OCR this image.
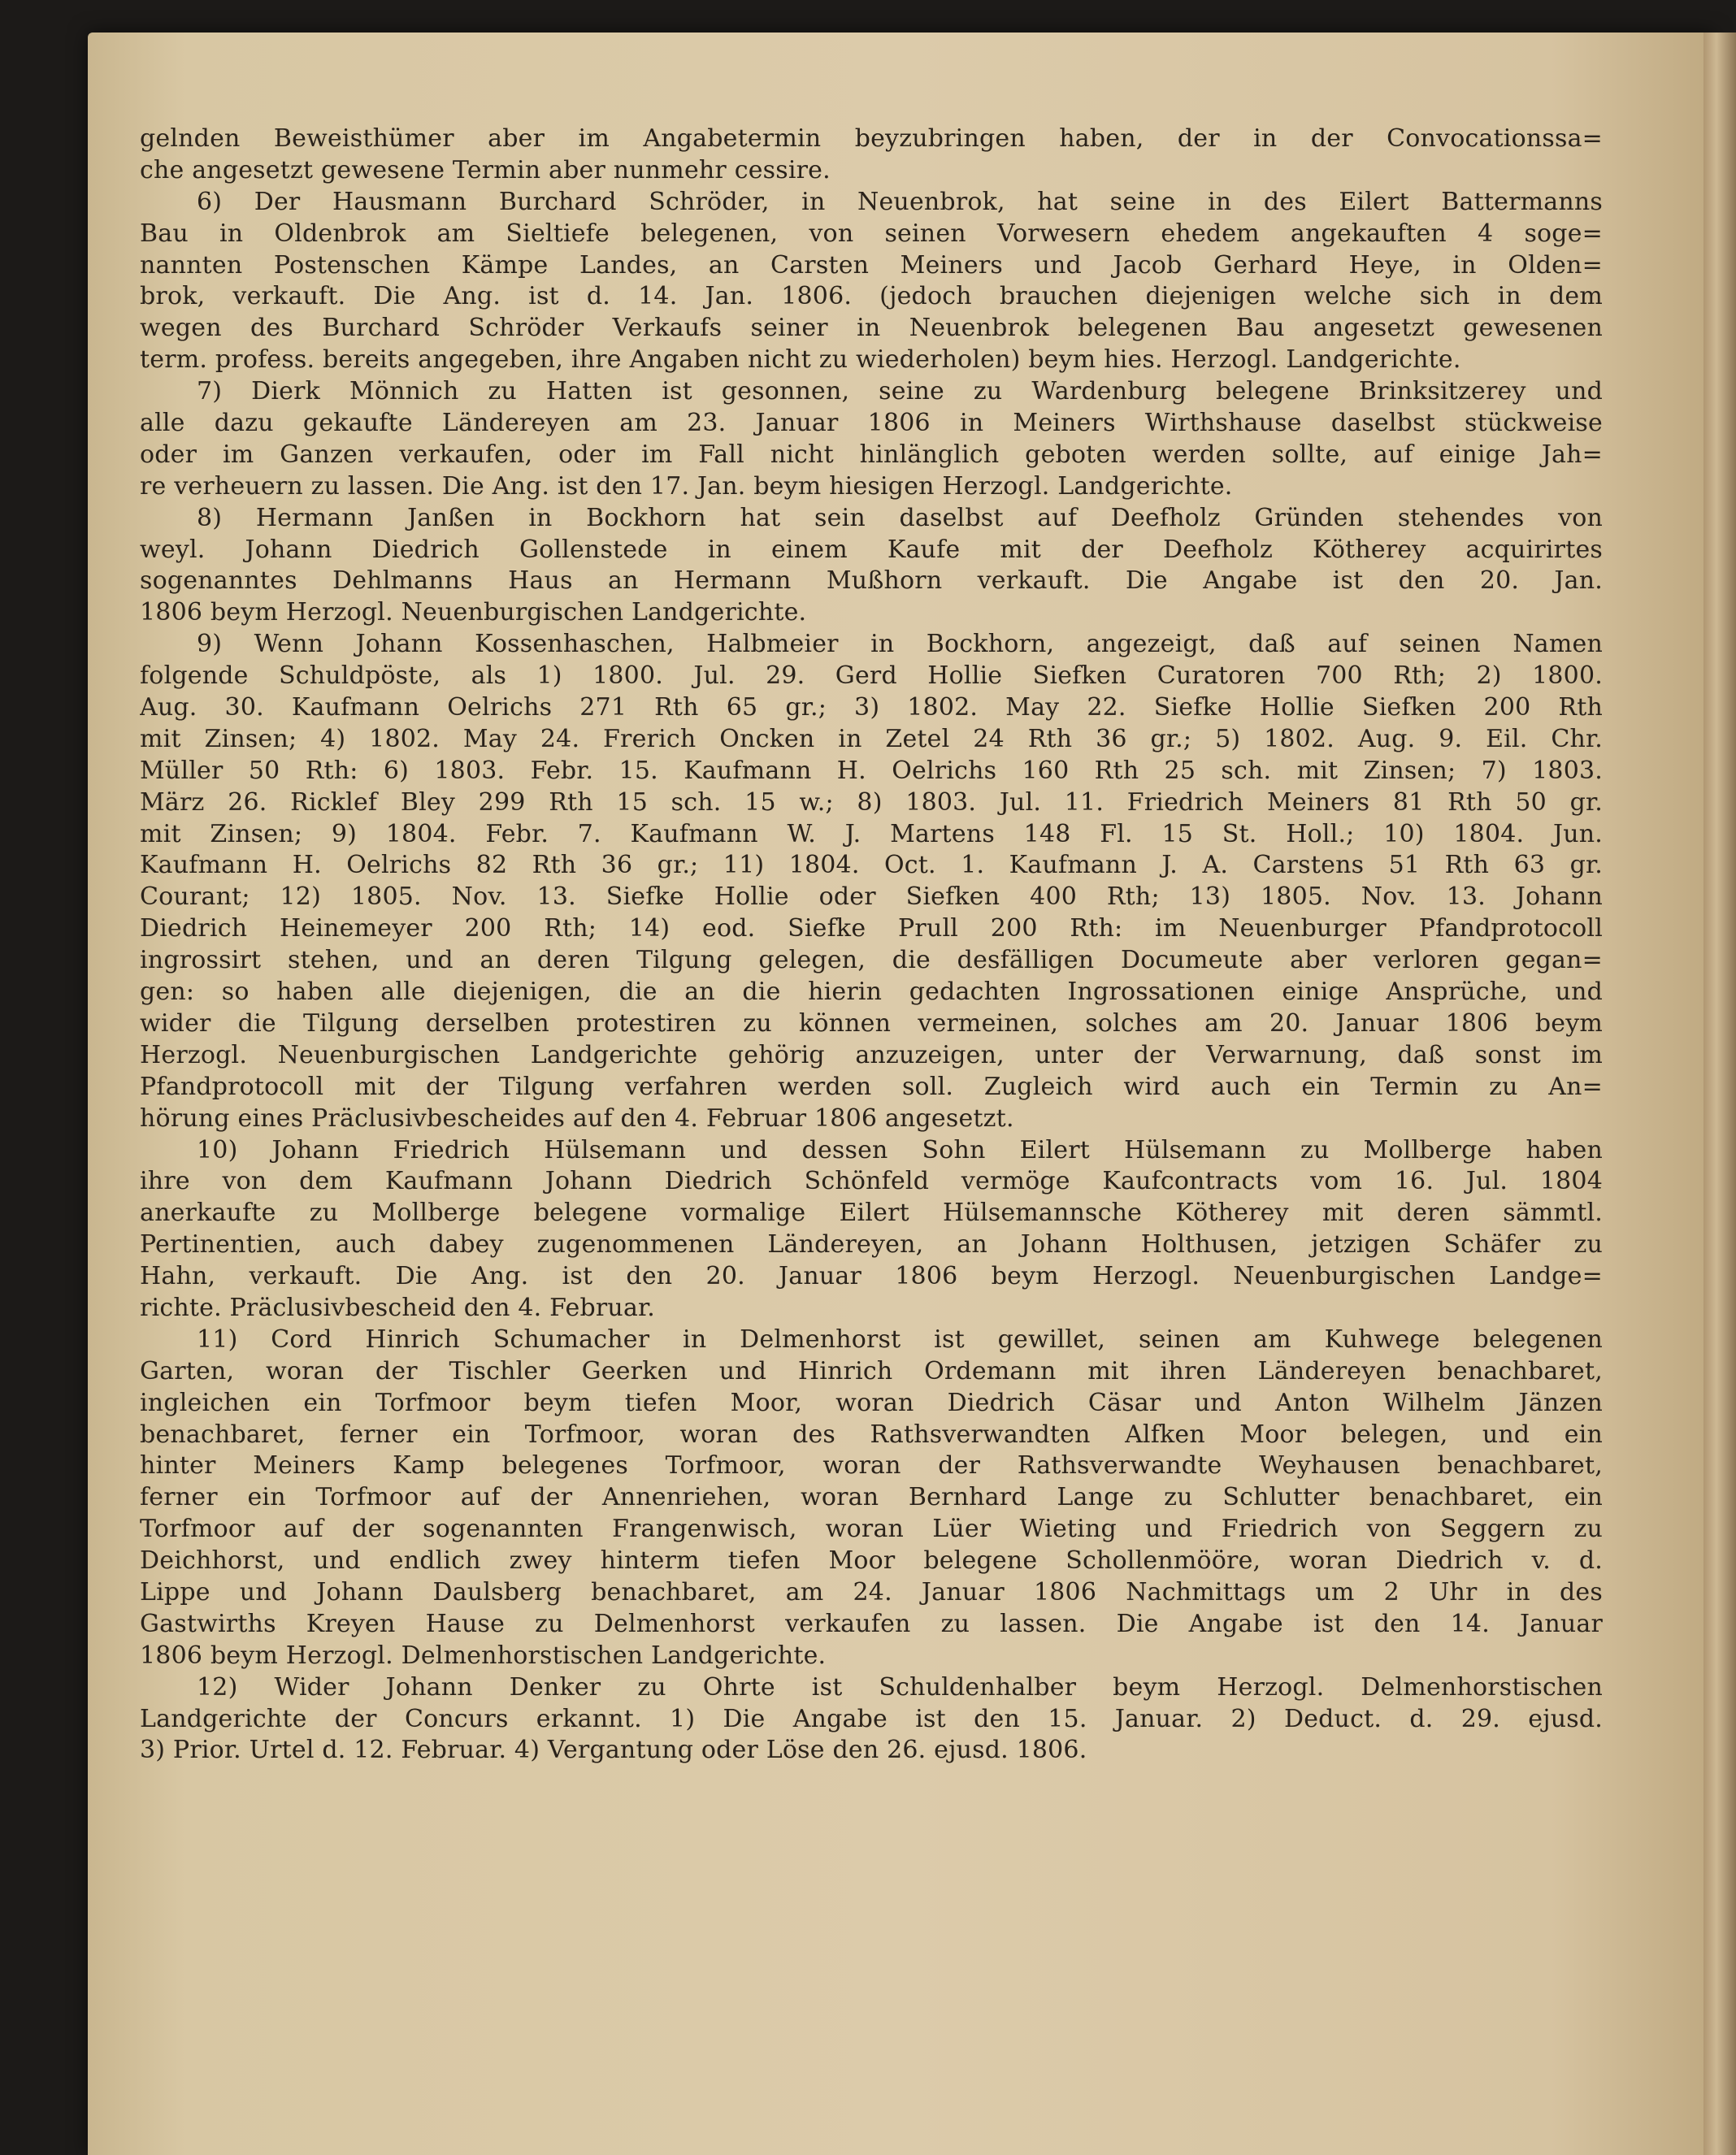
gelnden Beweisthümer aber im Angabetermin beyzubringen haben, der in der Convocationssa=
che angesetzt gewesene Termin aber nunmehr cessire.
6) Der Hausmann Burchard Schröder, in Neuenbrok, hat seine in des Eilert Battermanns
Bau in Oldenbrok am Sieltiefe belegenen, von seinen Vorwesern ehedem angekauften 4 soge=
nannten Postenschen Kämpe Landes, an Carsten Meiners und Jacob Gerhard Heye, in Olden=
brok, verkauft. Die Ang. ist d. 14. Jan. 1806. (jedoch brauchen diejenigen welche sich in dem
wegen des Burchard Schröder Verkaufs seiner in Neuenbrok belegenen Bau angesetzt gewesenen
term. profess. bereits angegeben, ihre Angaben nicht zu wiederholen) beym hies. Herzogl. Landgerichte.
7) Dierk Mönnich zu Hatten ist gesonnen, seine zu Wardenburg belegene Brinksitzerey und
alle dazu gekaufte Ländereyen am 23. Januar 1806 in Meiners Wirthshause daselbst stückweise
oder im Ganzen verkaufen, oder im Fall nicht hinlänglich geboten werden sollte, auf einige Jah=
re verheuern zu lassen. Die Ang. ist den 17. Jan. beym hiesigen Herzogl. Landgerichte.
8) Hermann Janßen in Bockhorn hat sein daselbst auf Deefholz Gründen stehendes von
weyl. Johann Diedrich Gollenstede in einem Kaufe mit der Deefholz Kötherey acquirirtes
sogenanntes Dehlmanns Haus an Hermann Mußhorn verkauft. Die Angabe ist den 20. Jan.
1806 beym Herzogl. Neuenburgischen Landgerichte.
9) Wenn Johann Kossenhaschen, Halbmeier in Bockhorn, angezeigt, daß auf seinen Namen
folgende Schuldpöste, als 1) 1800. Jul. 29. Gerd Hollie Siefken Curatoren 700 Rth; 2) 1800.
Aug. 30. Kaufmann Oelrichs 271 Rth 65 gr.; 3) 1802. May 22. Siefke Hollie Siefken 200 Rth
mit Zinsen; 4) 1802. May 24. Frerich Oncken in Zetel 24 Rth 36 gr.; 5) 1802. Aug. 9. Eil. Chr.
Müller 50 Rth: 6) 1803. Febr. 15. Kaufmann H. Oelrichs 160 Rth 25 sch. mit Zinsen; 7) 1803.
März 26. Ricklef Bley 299 Rth 15 sch. 15 w.; 8) 1803. Jul. 11. Friedrich Meiners 81 Rth 50 gr.
mit Zinsen; 9) 1804. Febr. 7. Kaufmann W. J. Martens 148 Fl. 15 St. Holl.; 10) 1804. Jun.
Kaufmann H. Oelrichs 82 Rth 36 gr.; 11) 1804. Oct. 1. Kaufmann J. A. Carstens 51 Rth 63 gr.
Courant; 12) 1805. Nov. 13. Siefke Hollie oder Siefken 400 Rth; 13) 1805. Nov. 13. Johann
Diedrich Heinemeyer 200 Rth; 14) eod. Siefke Prull 200 Rth: im Neuenburger Pfandprotocoll
ingrossirt stehen, und an deren Tilgung gelegen, die desfälligen Documeute aber verloren gegan=
gen: so haben alle diejenigen, die an die hierin gedachten Ingrossationen einige Ansprüche, und
wider die Tilgung derselben protestiren zu können vermeinen, solches am 20. Januar 1806 beym
Herzogl. Neuenburgischen Landgerichte gehörig anzuzeigen, unter der Verwarnung, daß sonst im
Pfandprotocoll mit der Tilgung verfahren werden soll. Zugleich wird auch ein Termin zu An=
hörung eines Präclusivbescheides auf den 4. Februar 1806 angesetzt.
10) Johann Friedrich Hülsemann und dessen Sohn Eilert Hülsemann zu Mollberge haben
ihre von dem Kaufmann Johann Diedrich Schönfeld vermöge Kaufcontracts vom 16. Jul. 1804
anerkaufte zu Mollberge belegene vormalige Eilert Hülsemannsche Kötherey mit deren sämmtl.
Pertinentien, auch dabey zugenommenen Ländereyen, an Johann Holthusen, jetzigen Schäfer zu
Hahn, verkauft. Die Ang. ist den 20. Januar 1806 beym Herzogl. Neuenburgischen Landge=
richte. Präclusivbescheid den 4. Februar.
11) Cord Hinrich Schumacher in Delmenhorst ist gewillet, seinen am Kuhwege belegenen
Garten, woran der Tischler Geerken und Hinrich Ordemann mit ihren Ländereyen benachbaret,
ingleichen ein Torfmoor beym tiefen Moor, woran Diedrich Cäsar und Anton Wilhelm Jänzen
benachbaret, ferner ein Torfmoor, woran des Rathsverwandten Alfken Moor belegen, und ein
hinter Meiners Kamp belegenes Torfmoor, woran der Rathsverwandte Weyhausen benachbaret,
ferner ein Torfmoor auf der Annenriehen, woran Bernhard Lange zu Schlutter benachbaret, ein
Torfmoor auf der sogenannten Frangenwisch, woran Lüer Wieting und Friedrich von Seggern zu
Deichhorst, und endlich zwey hinterm tiefen Moor belegene Schollenmööre, woran Diedrich v. d.
Lippe und Johann Daulsberg benachbaret, am 24. Januar 1806 Nachmittags um 2 Uhr in des
Gastwirths Kreyen Hause zu Delmenhorst verkaufen zu lassen. Die Angabe ist den 14. Januar
1806 beym Herzogl. Delmenhorstischen Landgerichte.
12) Wider Johann Denker zu Ohrte ist Schuldenhalber beym Herzogl. Delmenhorstischen
Landgerichte der Concurs erkannt. 1) Die Angabe ist den 15. Januar. 2) Deduct. d. 29. ejusd.
3) Prior. Urtel d. 12. Februar. 4) Vergantung oder Löse den 26. ejusd. 1806.
